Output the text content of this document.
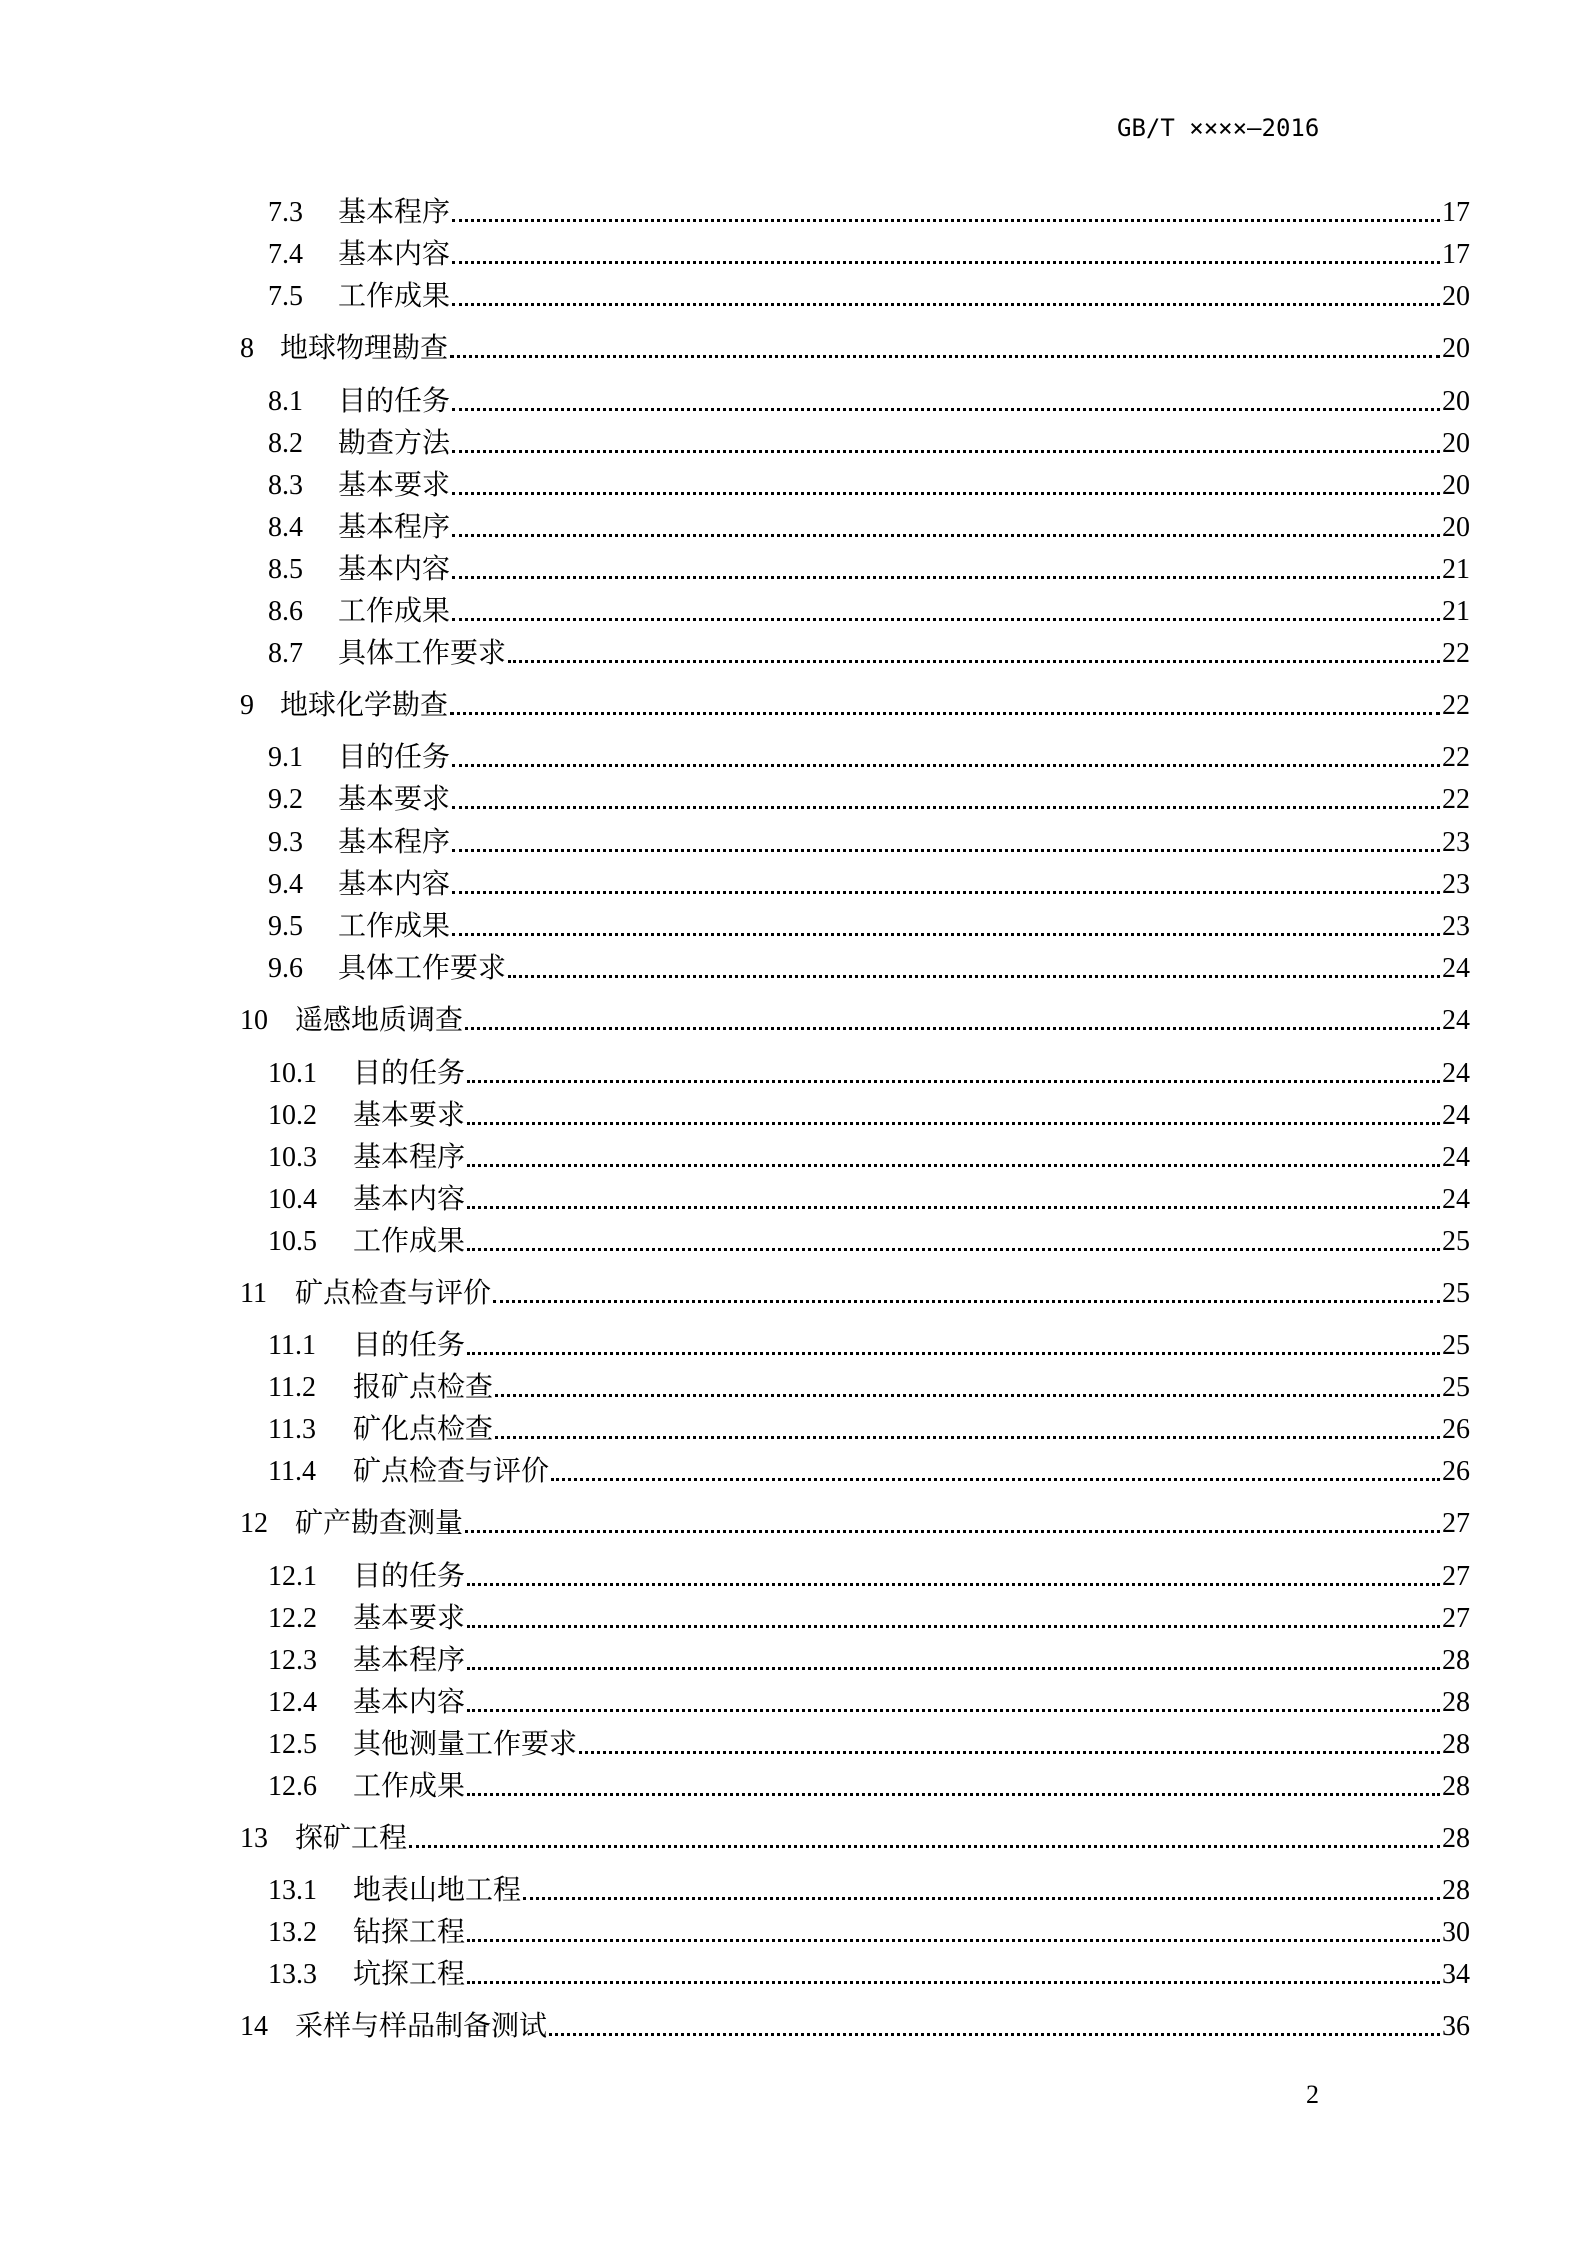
GB/T ××××—2016
7.3	基本程序	17
7.4	基本内容	17
7.5	工作成果	20
8 地球物理勘查	20
8.1	目的任务	20
8.2	勘查方法	20
8.3	基本要求	20
8.4	基本程序	20
8.5	基本内容	21
8.6	工作成果	21
8.7	具体工作要求	22
9 地球化学勘查	22
9.1	目的任务	22
9.2	基本要求	22
9.3	基本程序	23
9.4	基本内容	23
9.5	工作成果	23
9.6	具体工作要求	24
10 遥感地质调查	24
10.1	目的任务	24
10.2	基本要求	24
10.3	基本程序	24
10.4	基本内容	24
10.5	工作成果	25
11	矿点检查与评价	25
11.1	目的任务	25
11.2	报矿点检查	25
11.3	矿化点检查	26
11.4	矿点检查与评价	26
12 矿产勘查测量	27
12.1	目的任务	27
12.2	基本要求	27
12.3	基本程序	28
12.4	基本内容	28
12.5	其他测量工作要求	28
12.6	工作成果	28
13 探矿工程	28
13.1	地表山地工程	28
13.2	钻探工程	30
13.3	坑探工程	34
14 采样与样品制备测试	36
2
